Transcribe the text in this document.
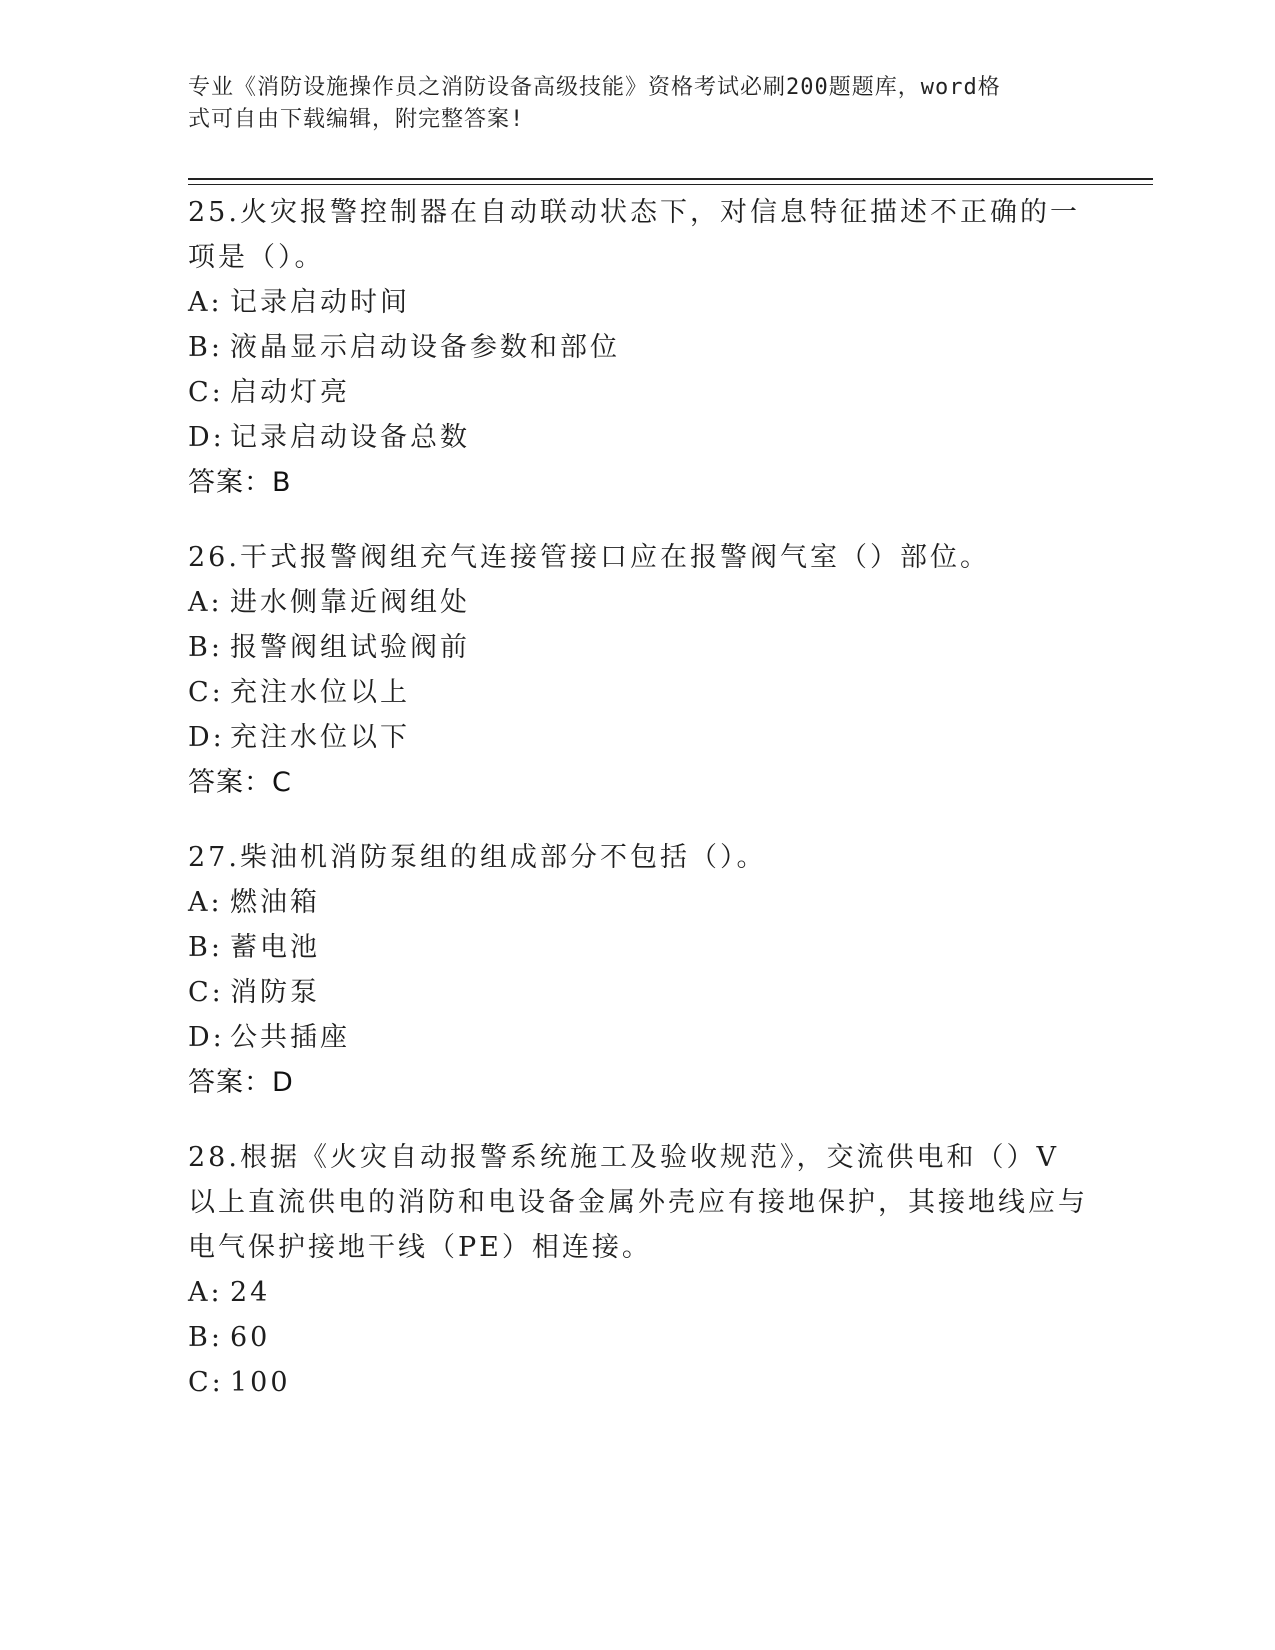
专业《消防设施操作员之消防设备高级技能》资格考试必刷200题题库，word格
式可自由下载编辑，附完整答案!
25.火灾报警控制器在自动联动状态下，对信息特征描述不正确的一项是（）。
A: 记录启动时间
B: 液晶显示启动设备参数和部位
C: 启动灯亮
D: 记录启动设备总数
答案：B
26.干式报警阀组充气连接管接口应在报警阀气室（）部位。
A: 进水侧靠近阀组处
B: 报警阀组试验阀前
C: 充注水位以上
D: 充注水位以下
答案：C
27.柴油机消防泵组的组成部分不包括（）。
A: 燃油箱
B: 蓄电池
C: 消防泵
D: 公共插座
答案：D
28.根据《火灾自动报警系统施工及验收规范》，交流供电和（）V以上直流供电的消防和电设备金属外壳应有接地保护，其接地线应与电气保护接地干线（PE）相连接。
A: 24
B: 60
C: 100
